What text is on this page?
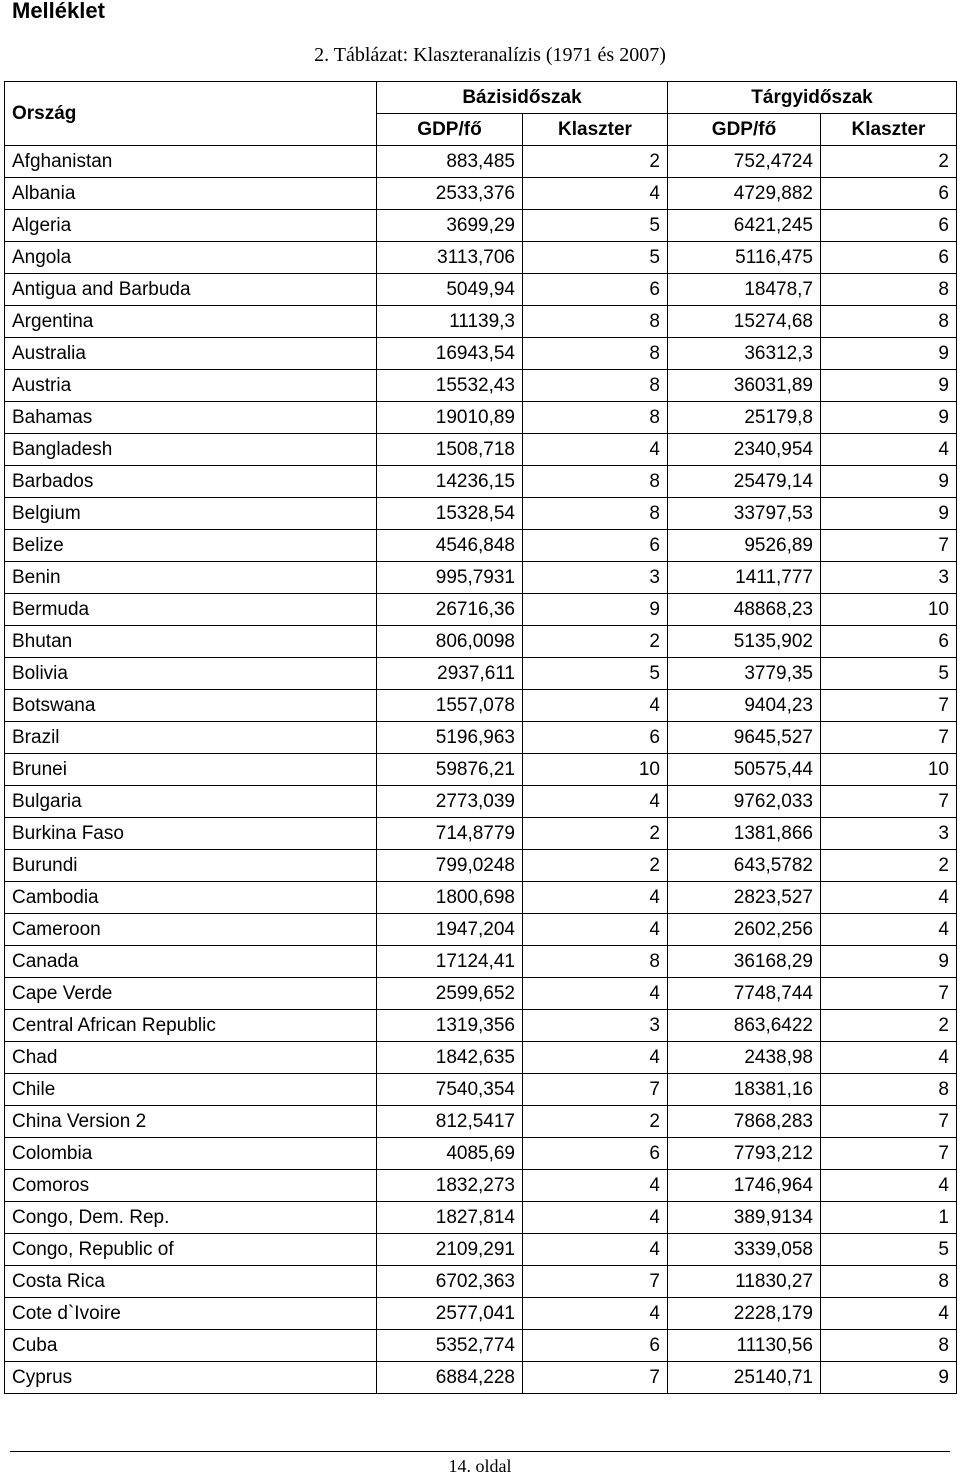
Melléklet
2. Táblázat: Klaszteranalízis (1971 és 2007)
Ország	Bázisidőszak		Tárgyidőszak	
	GDP/fő	Klaszter	GDP/fő	Klaszter
Afghanistan	883,485	2	752,4724	2
Albania	2533,376	4	4729,882	6
Algeria	3699,29	5	6421,245	6
Angola	3113,706	5	5116,475	6
Antigua and Barbuda	5049,94	6	18478,7	8
Argentina	11139,3	8	15274,68	8
Australia	16943,54	8	36312,3	9
Austria	15532,43	8	36031,89	9
Bahamas	19010,89	8	25179,8	9
Bangladesh	1508,718	4	2340,954	4
Barbados	14236,15	8	25479,14	9
Belgium	15328,54	8	33797,53	9
Belize	4546,848	6	9526,89	7
Benin	995,7931	3	1411,777	3
Bermuda	26716,36	9	48868,23	10
Bhutan	806,0098	2	5135,902	6
Bolivia	2937,611	5	3779,35	5
Botswana	1557,078	4	9404,23	7
Brazil	5196,963	6	9645,527	7
Brunei	59876,21	10	50575,44	10
Bulgaria	2773,039	4	9762,033	7
Burkina Faso	714,8779	2	1381,866	3
Burundi	799,0248	2	643,5782	2
Cambodia	1800,698	4	2823,527	4
Cameroon	1947,204	4	2602,256	4
Canada	17124,41	8	36168,29	9
Cape Verde	2599,652	4	7748,744	7
Central African Republic	1319,356	3	863,6422	2
Chad	1842,635	4	2438,98	4
Chile	7540,354	7	18381,16	8
China Version 2	812,5417	2	7868,283	7
Colombia	4085,69	6	7793,212	7
Comoros	1832,273	4	1746,964	4
Congo, Dem. Rep.	1827,814	4	389,9134	1
Congo, Republic of	2109,291	4	3339,058	5
Costa Rica	6702,363	7	11830,27	8
Cote d`Ivoire	2577,041	4	2228,179	4
Cuba	5352,774	6	11130,56	8
Cyprus	6884,228	7	25140,71	9
14. oldal
